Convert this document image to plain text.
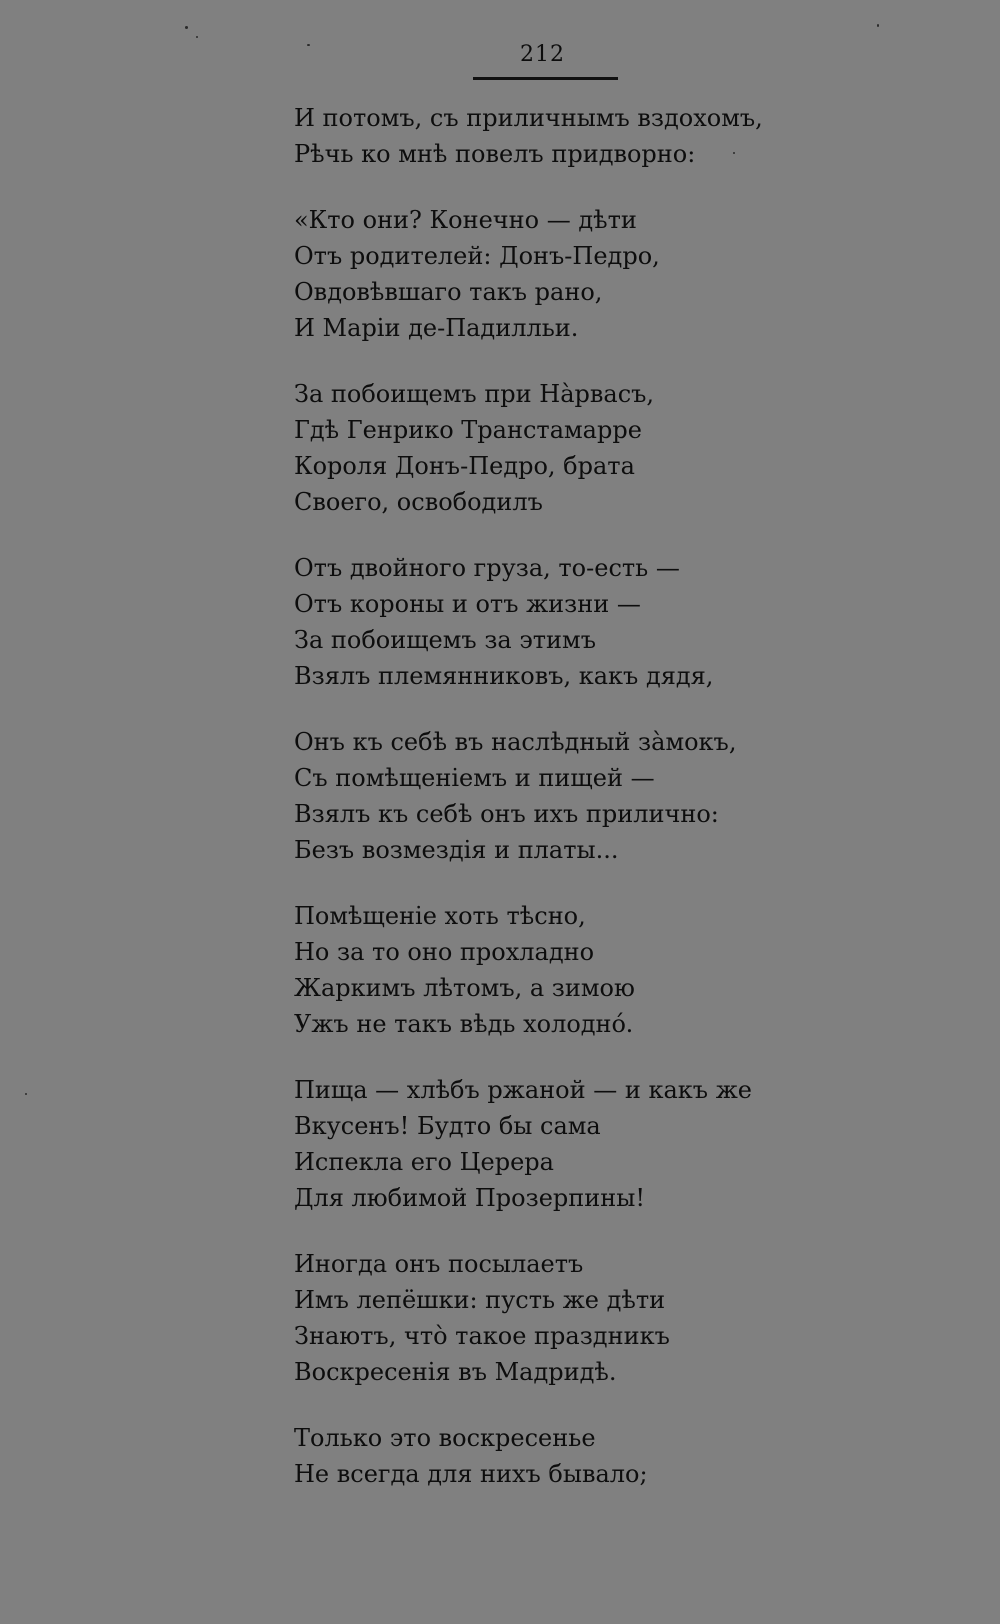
212
И потомъ, съ приличнымъ вздохомъ,
Рѣчь ко мнѣ повелъ придворно:
«Кто они? Конечно — дѣти
Отъ родителей: Донъ-Педро,
Овдовѣвшаго такъ рано,
И Маріи де-Падилльи.
За побоищемъ при Нàрвасъ,
Гдѣ Генрико Транстамарре
Короля Донъ-Педро, брата
Своего, освободилъ
Отъ двойного груза, то-есть —
Отъ короны и отъ жизни —
За побоищемъ за этимъ
Взялъ племянниковъ, какъ дядя,
Онъ къ себѣ въ наслѣдный зàмокъ,
Съ помѣщеніемъ и пищей —
Взялъ къ себѣ онъ ихъ прилично:
Безъ возмездія и платы...
Помѣщеніе хоть тѣсно,
Но за то оно прохладно
Жаркимъ лѣтомъ, а зимою
Ужъ не такъ вѣдь холоднó.
Пища — хлѣбъ ржаной — и какъ же
Вкусенъ! Будто бы сама
Испекла его Церера
Для любимой Прозерпины!
Иногда онъ посылаетъ
Имъ лепёшки: пусть же дѣти
Знаютъ, что̀ такое праздникъ
Воскресенія въ Мадридѣ.
Только это воскресенье
Не всегда для нихъ бывало;
